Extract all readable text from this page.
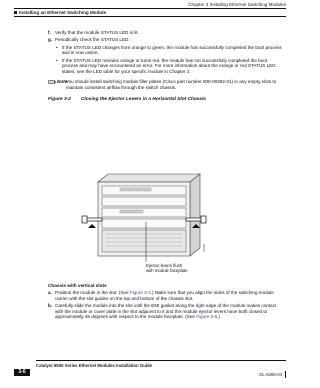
Chapter 3 Installing Ethernet Switching Modules
Installing an Ethernet Switching Module
f. Verify that the module STATUS LED is lit.
g. Periodically check the STATUS LED:
• If the STATUS LED changes from orange to green, the module has successfully completed the boot process and is now online.
• If the STATUS LED remains orange or turns red, the module has not successfully completed the boot process and may have encountered an error. For more information about the orange or red STATUS LED states, see the LED table for your specific module in Chapter 2.
Note
You should install switching module filler plates (Cisco part number 800-00292-01) in any empty slots to maintain consistent airflow through the switch chassis.
Figure 3-2 Closing the Ejector Levers in a Horizontal Slot Chassis
30892
Ejector levers flush
with module faceplate
Chassis with vertical slots
a. Position the module in the slot. (See Figure 3-4.) Make sure that you align the sides of the switching module carrier with the slot guides on the top and bottom of the chassis slot.
b. Carefully slide the module into the slot until the EMI gasket along the right edge of the module makes contact with the module or cover plate in the slot adjacent to it and the module ejector levers have both closed to approximately 45 degrees with respect to the module faceplate. (See Figure 3-5.)
Catalyst 6500 Series Ethernet Modules Installation Guide
3-6	OL-6285-04
